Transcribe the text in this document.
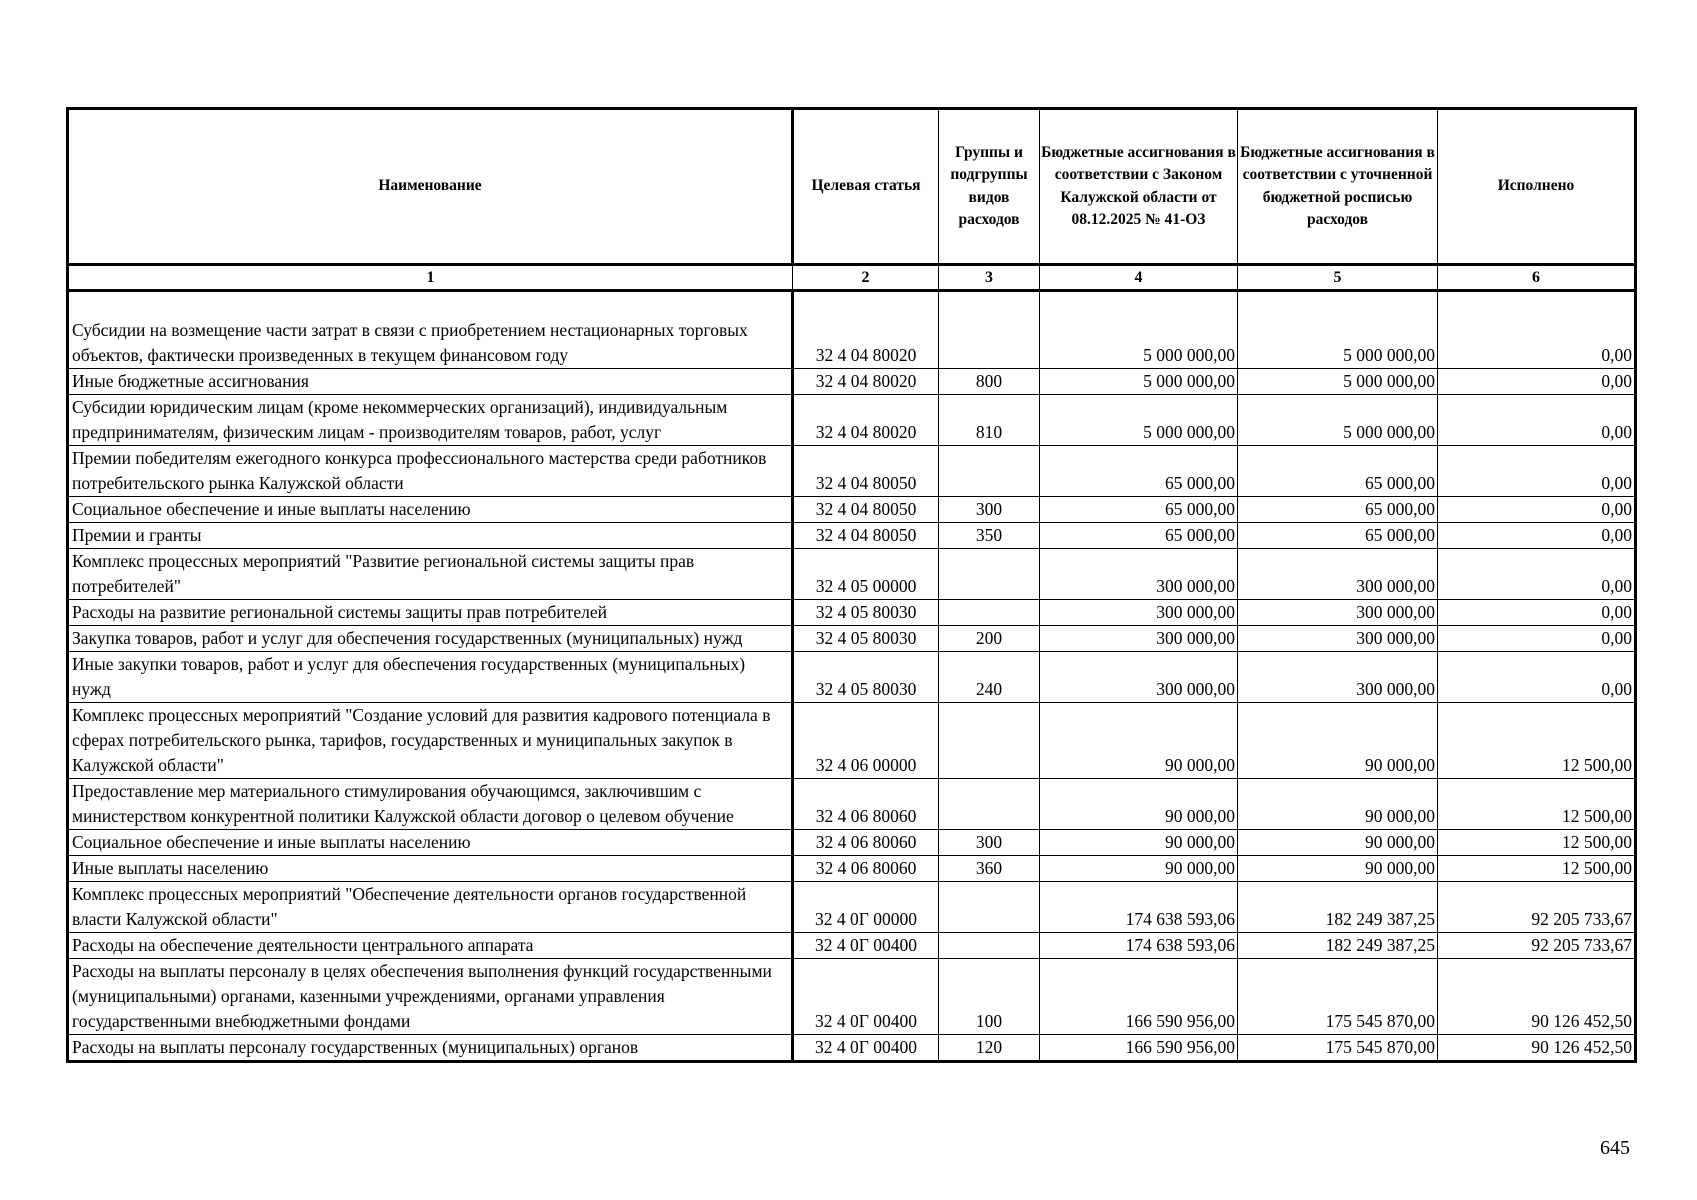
Наименование	Целевая статья	Группы и подгруппы видов расходов	Бюджетные ассигнования в соответствии с Законом Калужской области от 08.12.2025 № 41-ОЗ	Бюджетные ассигнования в соответствии с уточненной бюджетной росписью расходов	Исполнено
1	2	3	4	5	6
Субсидии на возмещение части затрат в связи с приобретением нестационарных торговых объектов, фактически произведенных в текущем финансовом году	32 4 04 80020		5 000 000,00	5 000 000,00	0,00
Иные бюджетные ассигнования	32 4 04 80020	800	5 000 000,00	5 000 000,00	0,00
Субсидии юридическим лицам (кроме некоммерческих организаций), индивидуальным предпринимателям, физическим лицам - производителям товаров, работ, услуг	32 4 04 80020	810	5 000 000,00	5 000 000,00	0,00
Премии победителям ежегодного конкурса профессионального мастерства среди работников потребительского рынка Калужской области	32 4 04 80050		65 000,00	65 000,00	0,00
Социальное обеспечение и иные выплаты населению	32 4 04 80050	300	65 000,00	65 000,00	0,00
Премии и гранты	32 4 04 80050	350	65 000,00	65 000,00	0,00
Комплекс процессных мероприятий "Развитие региональной системы защиты прав потребителей"	32 4 05 00000		300 000,00	300 000,00	0,00
Расходы на развитие региональной системы защиты прав потребителей	32 4 05 80030		300 000,00	300 000,00	0,00
Закупка товаров, работ и услуг для обеспечения государственных (муниципальных) нужд	32 4 05 80030	200	300 000,00	300 000,00	0,00
Иные закупки товаров, работ и услуг для обеспечения государственных (муниципальных) нужд	32 4 05 80030	240	300 000,00	300 000,00	0,00
Комплекс процессных мероприятий "Создание условий для развития кадрового потенциала в сферах потребительского рынка, тарифов, государственных и муниципальных закупок в Калужской области"	32 4 06 00000		90 000,00	90 000,00	12 500,00
Предоставление мер материального стимулирования обучающимся, заключившим с министерством конкурентной политики Калужской области договор о целевом обучение	32 4 06 80060		90 000,00	90 000,00	12 500,00
Социальное обеспечение и иные выплаты населению	32 4 06 80060	300	90 000,00	90 000,00	12 500,00
Иные выплаты населению	32 4 06 80060	360	90 000,00	90 000,00	12 500,00
Комплекс процессных мероприятий "Обеспечение деятельности органов государственной власти Калужской области"	32 4 0Г 00000		174 638 593,06	182 249 387,25	92 205 733,67
Расходы на обеспечение деятельности центрального аппарата	32 4 0Г 00400		174 638 593,06	182 249 387,25	92 205 733,67
Расходы на выплаты персоналу в целях обеспечения выполнения функций государственными (муниципальными) органами, казенными учреждениями, органами управления государственными внебюджетными фондами	32 4 0Г 00400	100	166 590 956,00	175 545 870,00	90 126 452,50
Расходы на выплаты персоналу государственных (муниципальных) органов	32 4 0Г 00400	120	166 590 956,00	175 545 870,00	90 126 452,50
645
